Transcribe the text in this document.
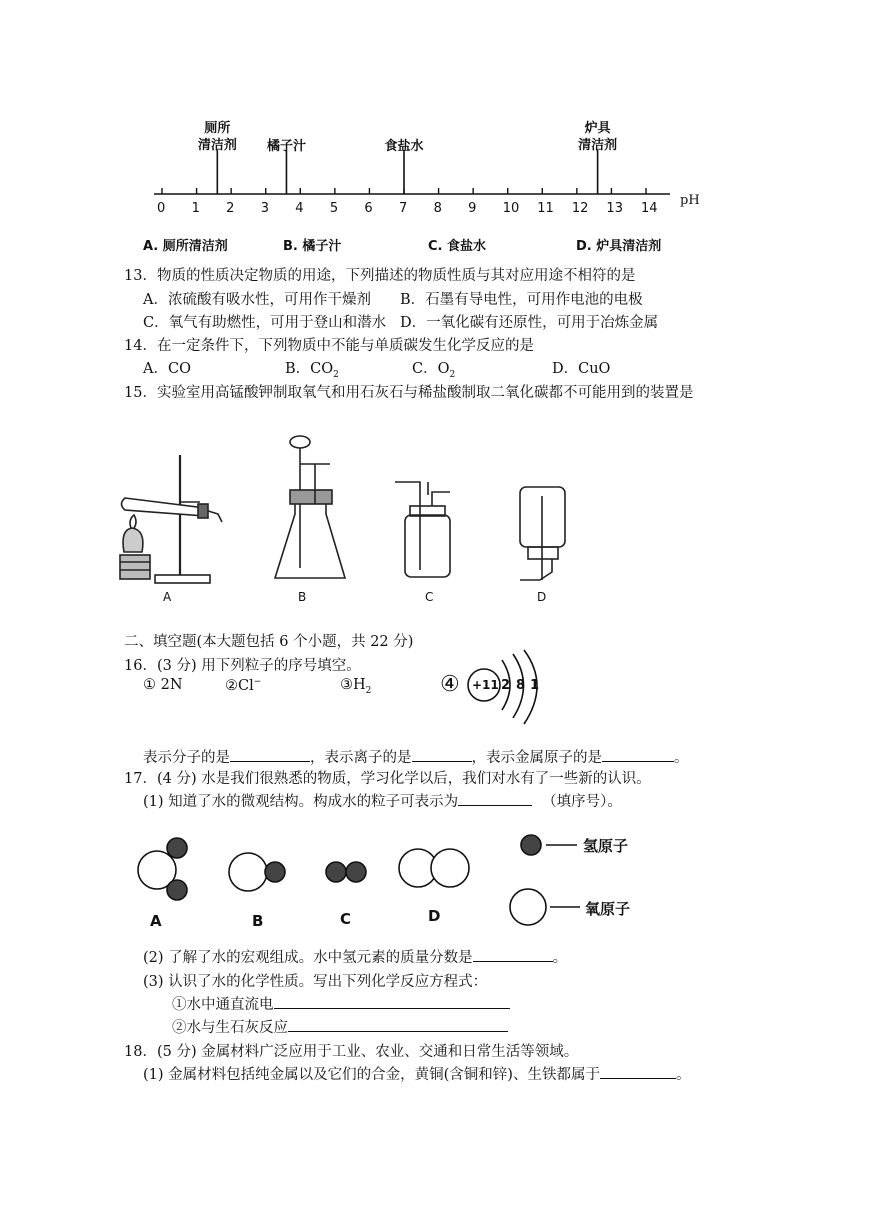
0 1 2 3 4 5 6 7 8 9 10 11 12 13 14
pH
厕所
清洁剂 橘子汁	食盐水
炉具
清洁剂
A. 厕所清洁剂	B. 橘子汁	C. 食盐水	D. 炉具清洁剂
13．物质的性质决定物质的用途，下列描述的物质性质与其对应用途不相符的是
A．浓硫酸有吸水性，可用作干燥剂 B．石墨有导电性，可用作电池的电极
C．氧气有助燃性，可用于登山和潜水 D．一氧化碳有还原性，可用于冶炼金属
14．在一定条件下，下列物质中不能与单质碳发生化学反应的是
A．CO	B．$CO_2$	C．$O_2$	D．CuO
15．实验室用高锰酸钾制取氧气和用石灰石与稀盐酸制取二氧化碳都不可能用到的装置是
A	B	C	D
二、填空题(本大题包括 6 个小题，共 22 分)
16．(3 分) 用下列粒子的序号填空。
① 2N	②Cl−	$③H_2$	④ +11 2 8 1
表示分子的是	，表示离子的是	，表示金属原子的是	。
17．(4 分) 水是我们很熟悉的物质，学习化学以后，我们对水有了一些新的认识。
(1) 知道了水的微观结构。构成水的粒子可表示为	（填序号）。
A	B	C	D
氢原子
氧原子
(2) 了解了水的宏观组成。水中氢元素的质量分数是	。
(3) 认识了水的化学性质。写出下列化学反应方程式：
①水中通直流电
②水与生石灰反应
18．(5 分) 金属材料广泛应用于工业、农业、交通和日常生活等领域。
(1) 金属材料包括纯金属以及它们的合金，黄铜(含铜和锌)、生铁都属于	。
